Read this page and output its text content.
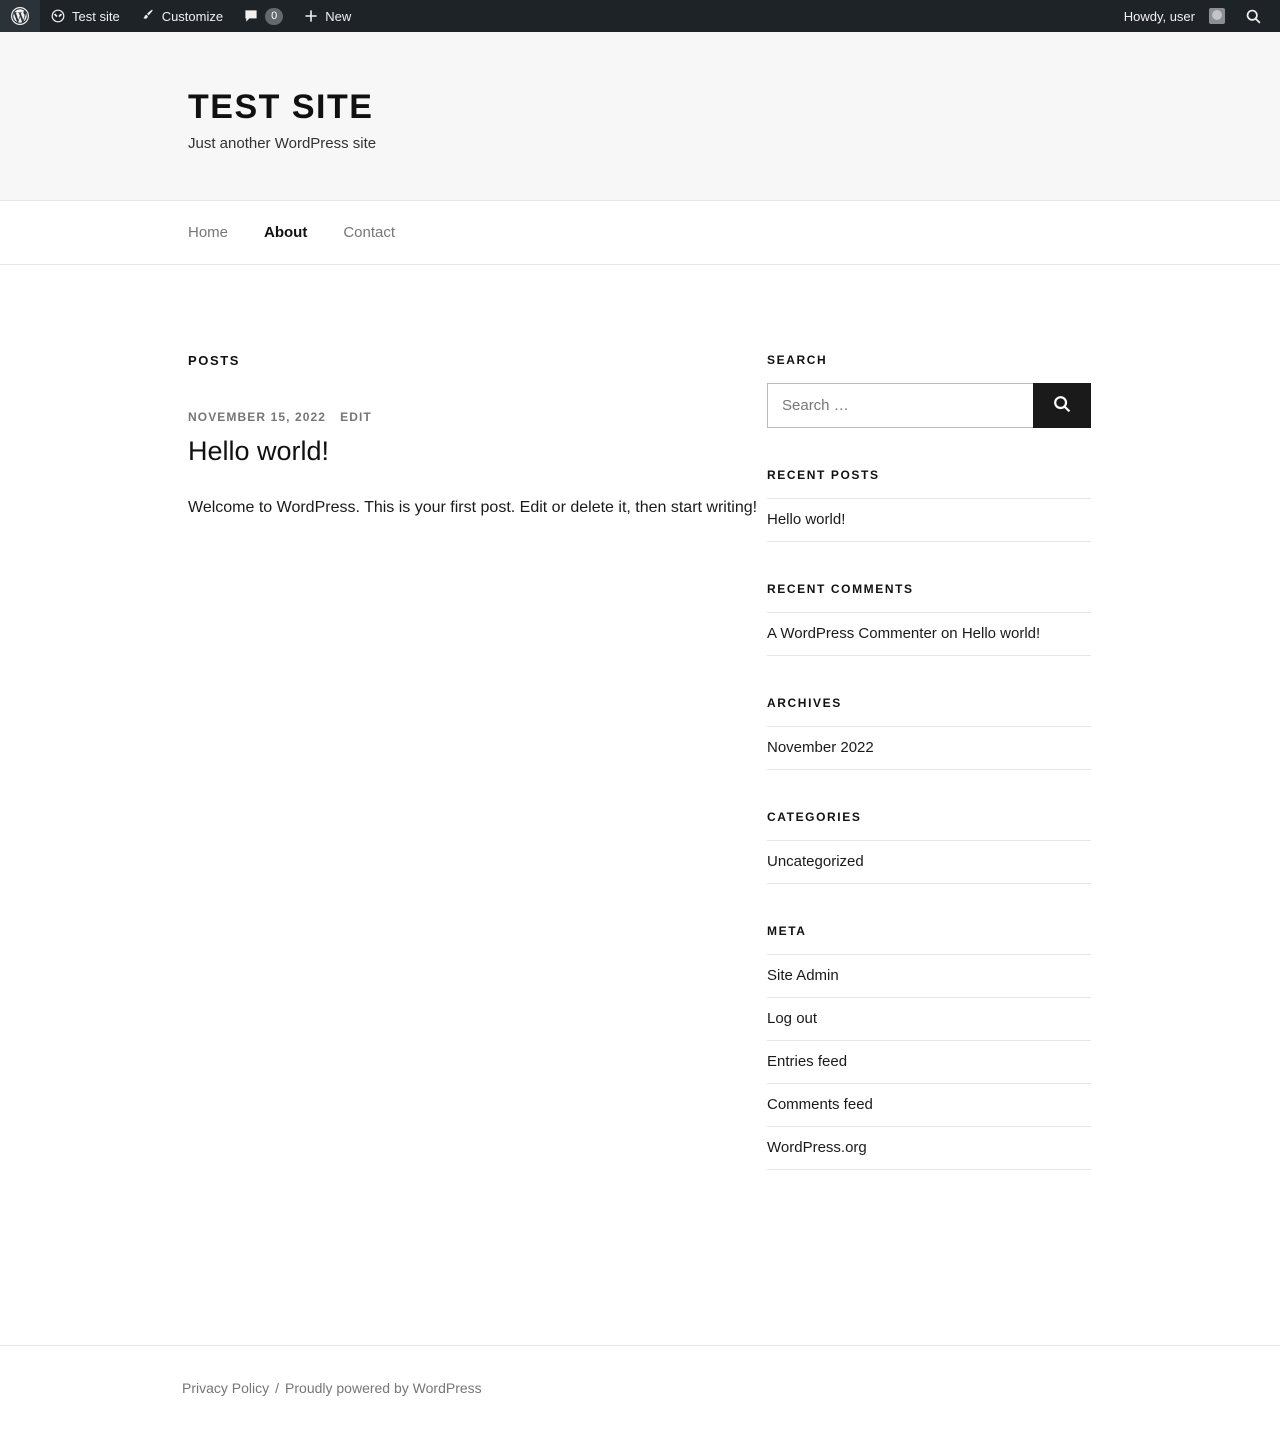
Test site	Customize	0	New	Howdy, user
TEST SITE

Just another WordPress site

Home	About	Contact
POSTS
NOVEMBER 15, 2022 EDIT
Hello world!

Welcome to WordPress. This is your first post. Edit or delete it, then start writing!

SEARCH
Search …
RECENT POSTS
Hello world!
RECENT COMMENTS
A WordPress Commenter on Hello world!
ARCHIVES
November 2022
CATEGORIES
Uncategorized
META
Site Admin
Log out
Entries feed
Comments feed
WordPress.org
Privacy Policy / Proudly powered by WordPress
